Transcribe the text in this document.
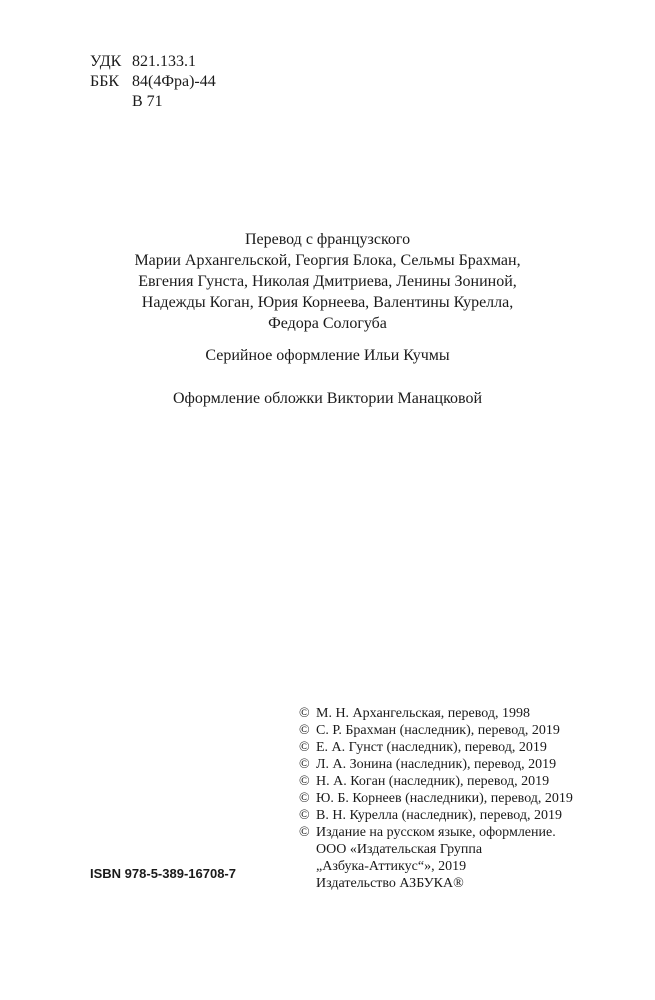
УДК 821.133.1
ББК 84(4Фра)-44
В 71
Перевод с французского
Марии Архангельской, Георгия Блока, Сельмы Брахман,
Евгения Гунста, Николая Дмитриева, Ленины Зониной,
Надежды Коган, Юрия Корнеева, Валентины Курелла,
Федора Сологуба
Серийное оформление Ильи Кучмы
Оформление обложки Виктории Манацковой
© М. Н. Архангельская, перевод, 1998
© С. Р. Брахман (наследник), перевод, 2019
© Е. А. Гунст (наследник), перевод, 2019
© Л. А. Зонина (наследник), перевод, 2019
© Н. А. Коган (наследник), перевод, 2019
© Ю. Б. Корнеев (наследники), перевод, 2019
© В. Н. Курелла (наследник), перевод, 2019
© Издание на русском языке, оформление.
ООО «Издательская Группа
„Азбука-Аттикус“», 2019
Издательство АЗБУКА®
ISBN 978-5-389-16708-7
